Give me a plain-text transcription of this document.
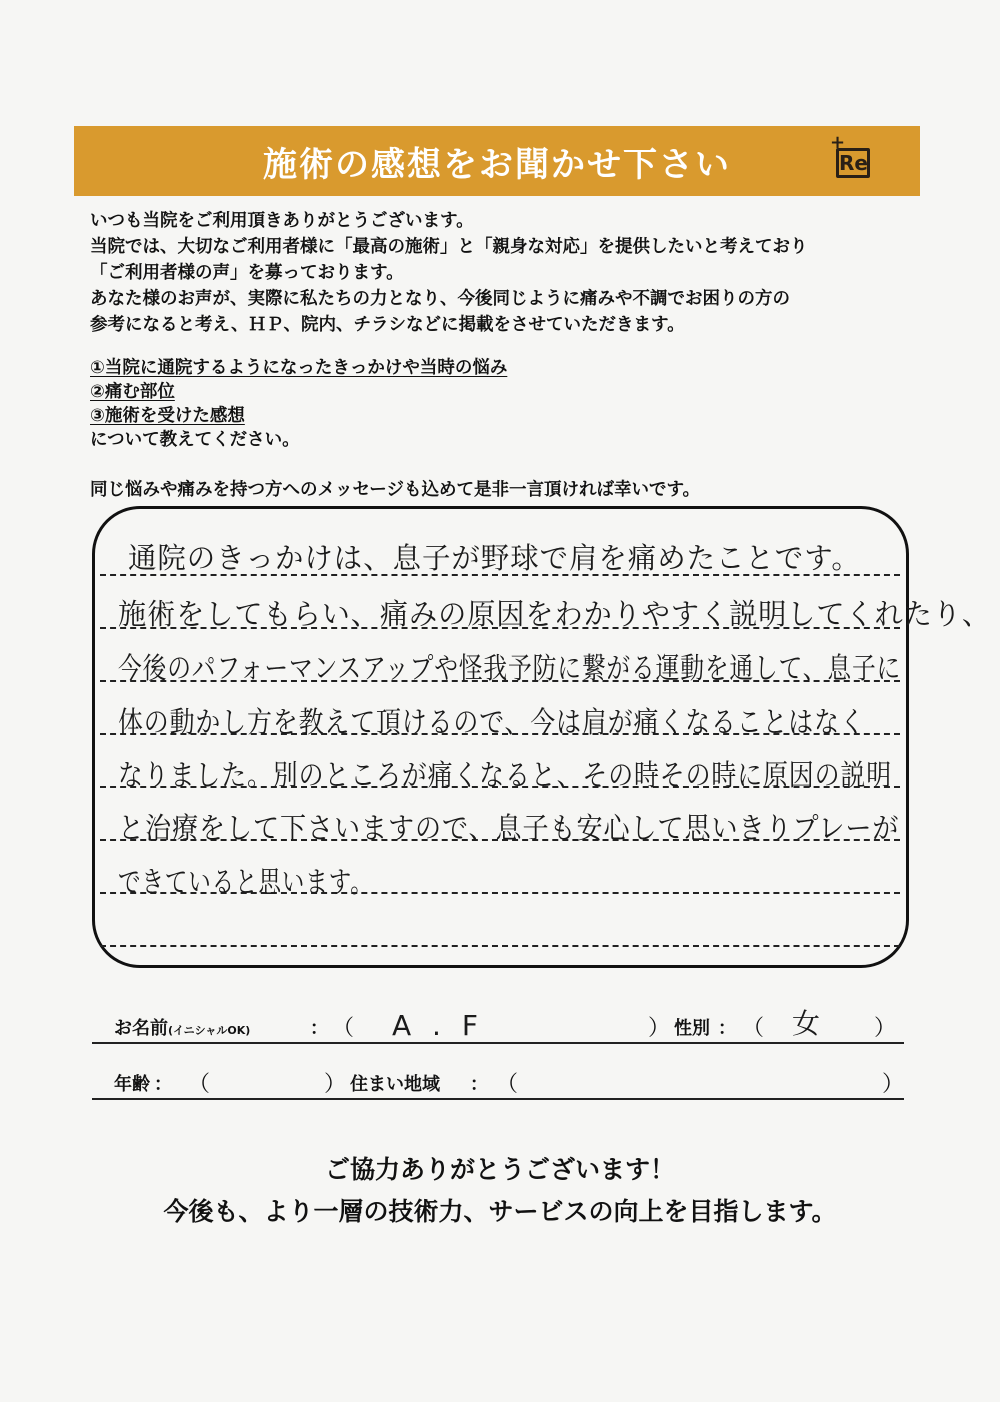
施術の感想をお聞かせ下さい
+
Re
いつも当院をご利用頂きありがとうございます。
当院では、大切なご利用者様に「最高の施術」と「親身な対応」を提供したいと考えており
「ご利用者様の声」を募っております。
あなた様のお声が、実際に私たちの力となり、今後同じように痛みや不調でお困りの方の
参考になると考え、ＨＰ、院内、チラシなどに掲載をさせていただきます。
①当院に通院するようになったきっかけや当時の悩み
②痛む部位
③施術を受けた感想
について教えてください。
同じ悩みや痛みを持つ方へのメッセージも込めて是非一言頂ければ幸いです。
通院のきっかけは、息子が野球で肩を痛めたことです。
施術をしてもらい、痛みの原因をわかりやすく説明してくれたり、
今後のパフォーマンスアップや怪我予防に繋がる運動を通して、息子に
体の動かし方を教えて頂けるので、今は肩が痛くなることはなく
なりました。別のところが痛くなると、その時その時に原因の説明
と治療をして下さいますので、息子も安心して思いきりプレーが
できていると思います。
お名前(イニシャルOK)	： （ A . F	） 性別 ： （ 女 ）
年齢 ： （	） 住まい地域 ： （	）
ご協力ありがとうございます！
今後も、より一層の技術力、サービスの向上を目指します。
